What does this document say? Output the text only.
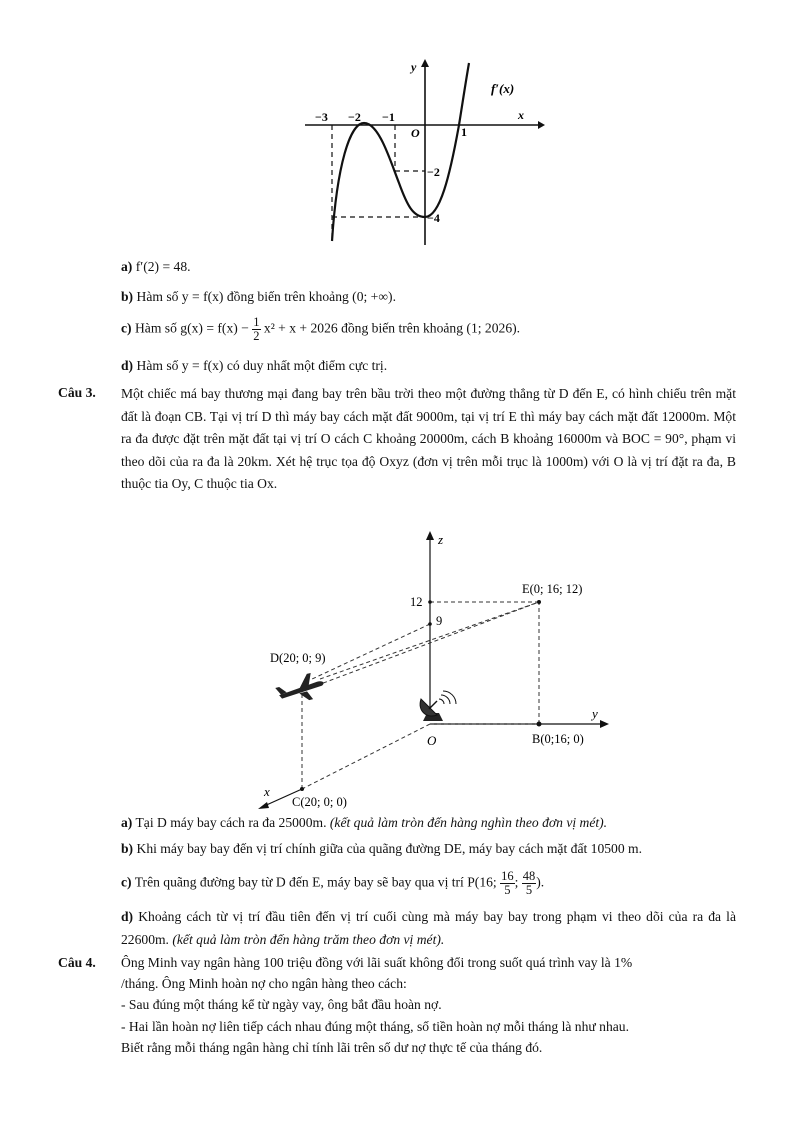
−3 −2 −1
1
O
−2
−4
y
x
f′(x)
a) f′(2) = 48.
b) Hàm số y = f(x) đồng biến trên khoảng (0; +∞).
c) Hàm số $g(x) = f(x) - \frac{1}{2} x^2 + x + 2026$ đồng biến trên khoảng (1; 2026).
d) Hàm số y = f(x) có duy nhất một điểm cực trị.
Câu 3. Một chiếc má bay thương mại đang bay trên bầu trời theo một đường thẳng từ D đến E, có hình chiếu trên mặt đất là đoạn CB. Tại vị trí D thì máy bay cách mặt đất 9000m, tại vị trí E thì máy bay cách mặt đất 12000m. Một ra đa được đặt trên mặt đất tại vị trí O cách C khoảng 20000m, cách B khoảng 16000m và BOC = 90°, phạm vi theo dõi của ra đa là 20km. Xét hệ trục tọa độ Oxyz (đơn vị trên mỗi trục là 1000m) với O là vị trí đặt ra đa, B thuộc tia Oy, C thuộc tia Ox.
z
y
x
O
E(0; 16; 12)
D(20; 0; 9)
B(0;16; 0)
C(20; 0; 0)
12
9
a) Tại D máy bay cách ra đa 25000m. (kết quả làm tròn đến hàng nghìn theo đơn vị mét).
b) Khi máy bay bay đến vị trí chính giữa của quãng đường DE, máy bay cách mặt đất 10500 m.
c) Trên quãng đường bay từ D đến E, máy bay sẽ bay qua vị trí P(16; $\frac{16}{5}$ ; $\frac{48}{5}$ ).
d) Khoảng cách từ vị trí đầu tiên đến vị trí cuối cùng mà máy bay bay trong phạm vi theo dõi của ra đa là 22600m. (kết quả làm tròn đến hàng trăm theo đơn vị mét).
Câu 4. Ông Minh vay ngân hàng 100 triệu đồng với lãi suất không đổi trong suốt quá trình vay là 1%
/tháng. Ông Minh hoàn nợ cho ngân hàng theo cách:
- Sau đúng một tháng kể từ ngày vay, ông bắt đầu hoàn nợ.
- Hai lần hoàn nợ liên tiếp cách nhau đúng một tháng, số tiền hoàn nợ mỗi tháng là như nhau.
Biết rằng mỗi tháng ngân hàng chỉ tính lãi trên số dư nợ thực tế của tháng đó.
